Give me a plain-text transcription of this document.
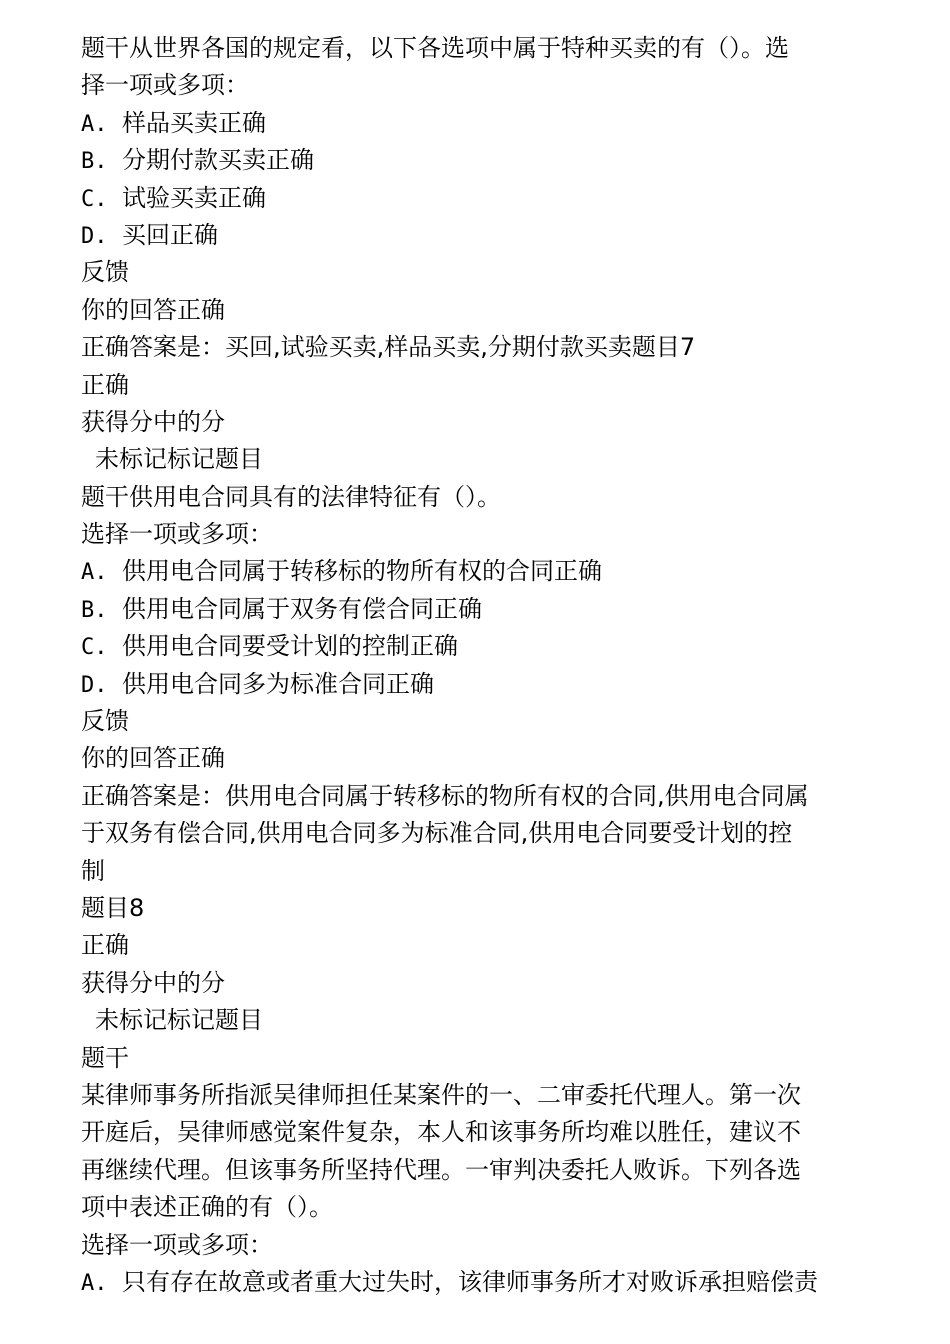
题干从世界各国的规定看，以下各选项中属于特种买卖的有（）。选
择一项或多项：
A. 样品买卖正确
B. 分期付款买卖正确
C. 试验买卖正确
D. 买回正确
反馈
你的回答正确
正确答案是：买回,试验买卖,样品买卖,分期付款买卖题目7
正确
获得分中的分
未标记标记题目
题干供用电合同具有的法律特征有（）。
选择一项或多项：
A. 供用电合同属于转移标的物所有权的合同正确
B. 供用电合同属于双务有偿合同正确
C. 供用电合同要受计划的控制正确
D. 供用电合同多为标准合同正确
反馈
你的回答正确
正确答案是：供用电合同属于转移标的物所有权的合同,供用电合同属
于双务有偿合同,供用电合同多为标准合同,供用电合同要受计划的控
制
题目8
正确
获得分中的分
未标记标记题目
题干
某律师事务所指派吴律师担任某案件的一、二审委托代理人。第一次
开庭后，吴律师感觉案件复杂，本人和该事务所均难以胜任，建议不
再继续代理。但该事务所坚持代理。一审判决委托人败诉。下列各选
项中表述正确的有（）。
选择一项或多项：
A. 只有存在故意或者重大过失时，该律师事务所才对败诉承担赔偿责
